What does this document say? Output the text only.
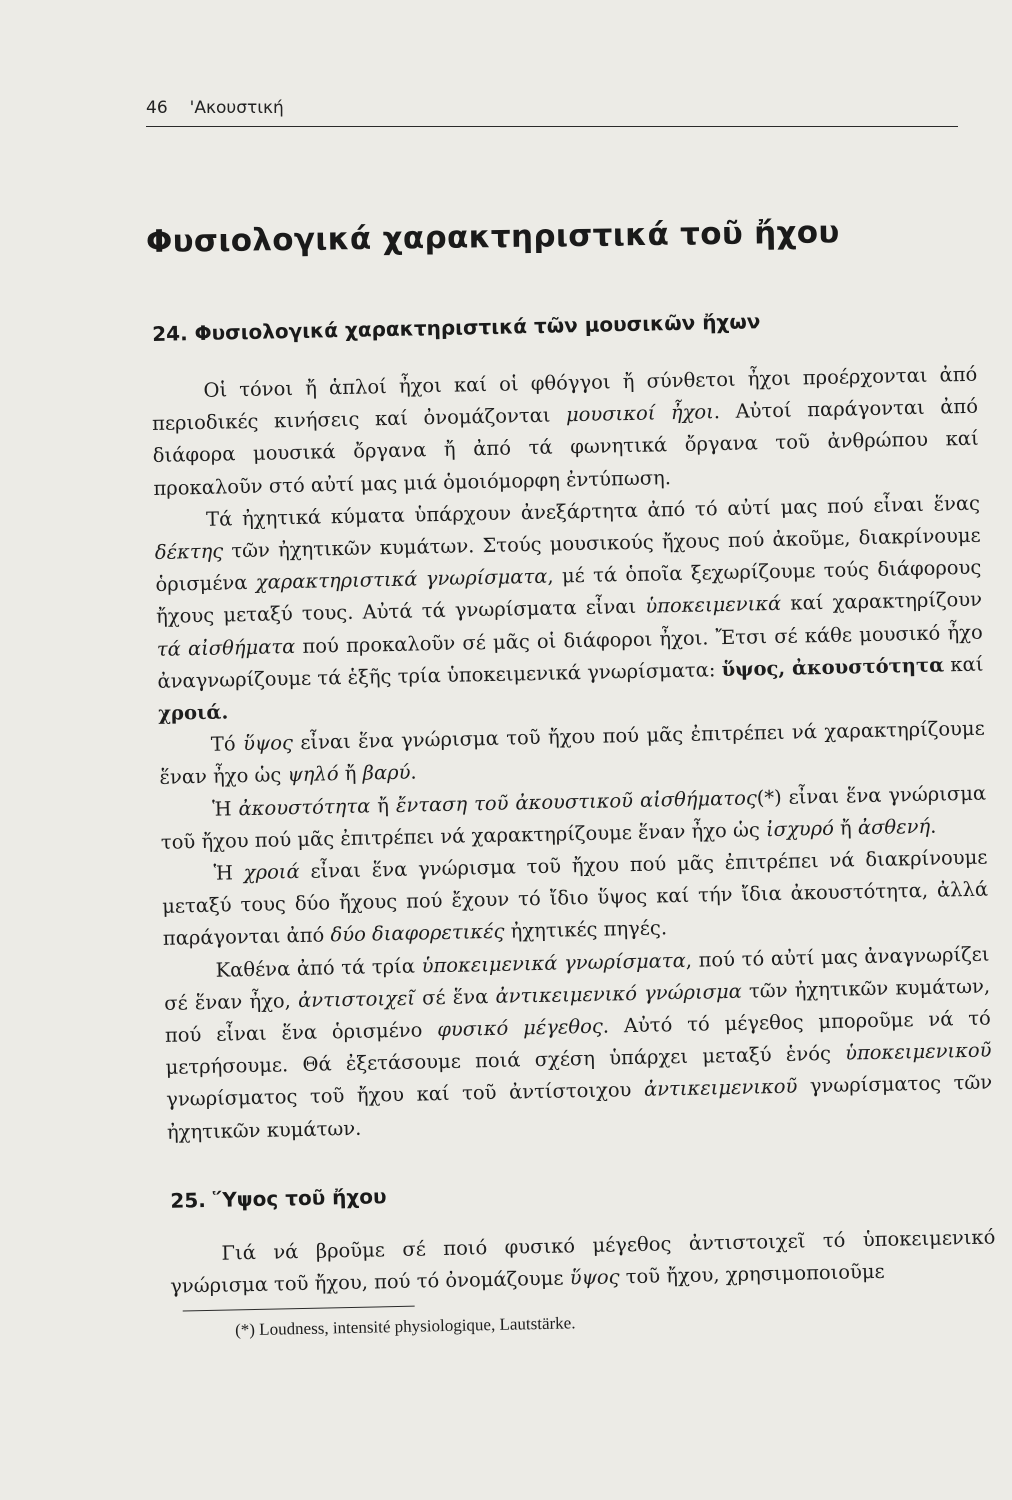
46 'Ακουστική
Φυσιολογικά χαρακτηριστικά τοῦ ἤχου
24. Φυσιολογικά χαρακτηριστικά τῶν μουσικῶν ἤχων

Οἱ τόνοι ἤ ἁπλοί ἦχοι καί οἱ φθόγγοι ἤ σύνθετοι ἦχοι προέρχονται ἀπό περιοδικές κινήσεις καί ὀνομάζονται μουσικοί ἦχοι. Αὐτοί παράγονται ἀπό διάφορα μουσικά ὄργανα ἤ ἀπό τά φωνητικά ὄργανα τοῦ ἀνθρώπου καί προκαλοῦν στό αὐτί μας μιά ὁμοιόμορφη ἐντύπωση.

Τά ἠχητικά κύματα ὑπάρχουν ἀνεξάρτητα ἀπό τό αὐτί μας πού εἶναι ἕνας δέκτης τῶν ἠχητικῶν κυμάτων. Στούς μουσικούς ἤχους πού ἀκοῦμε, διακρίνουμε ὁρισμένα χαρακτηριστικά γνωρίσματα, μέ τά ὁποῖα ξεχωρίζουμε τούς διάφορους ἤχους μεταξύ τους. Αὐτά τά γνωρίσματα εἶναι ὑποκειμενικά καί χαρακτηρίζουν τά αἰσθήματα πού προκαλοῦν σέ μᾶς οἱ διάφοροι ἦχοι. Ἔτσι σέ κάθε μουσικό ἦχο ἀναγνωρίζουμε τά ἑξῆς τρία ὑποκειμενικά γνωρίσματα: ὕψος, ἀκουστότητα καί χροιά.

Τό ὕψος εἶναι ἕνα γνώρισμα τοῦ ἤχου πού μᾶς ἐπιτρέπει νά χαρακτηρίζουμε ἕναν ἦχο ὡς ψηλό ἤ βαρύ.

Ἡ ἀκουστότητα ἤ ἔνταση τοῦ ἀκουστικοῦ αἰσθήματος(*) εἶναι ἕνα γνώρισμα τοῦ ἤχου πού μᾶς ἐπιτρέπει νά χαρακτηρίζουμε ἕναν ἦχο ὡς ἰσχυρό ἤ ἀσθενή.

Ἡ χροιά εἶναι ἕνα γνώρισμα τοῦ ἤχου πού μᾶς ἐπιτρέπει νά διακρίνουμε μεταξύ τους δύο ἤχους πού ἔχουν τό ἴδιο ὕψος καί τήν ἴδια ἀκουστότητα, ἀλλά παράγονται ἀπό δύο διαφορετικές ἠχητικές πηγές.

Καθένα ἀπό τά τρία ὑποκειμενικά γνωρίσματα, πού τό αὐτί μας ἀναγνωρίζει σέ ἕναν ἦχο, ἀντιστοιχεῖ σέ ἕνα ἀντικειμενικό γνώρισμα τῶν ἠχητικῶν κυμάτων, πού εἶναι ἕνα ὁρισμένο φυσικό μέγεθος. Αὐτό τό μέγεθος μποροῦμε νά τό μετρήσουμε. Θά ἐξετάσουμε ποιά σχέση ὑπάρχει μεταξύ ἑνός ὑποκειμενικοῦ γνωρίσματος τοῦ ἤχου καί τοῦ ἀντίστοιχου ἀντικειμενικοῦ γνωρίσματος τῶν ἠχητικῶν κυμάτων.

25. Ὕψος τοῦ ἤχου

Γιά νά βροῦμε σέ ποιό φυσικό μέγεθος ἀντιστοιχεῖ τό ὑποκειμενικό γνώρισμα τοῦ ἤχου, πού τό ὀνομάζουμε ὕψος τοῦ ἤχου, χρησιμοποιοῦμε

(*) Loudness, intensité physiologique, Lautstärke.
